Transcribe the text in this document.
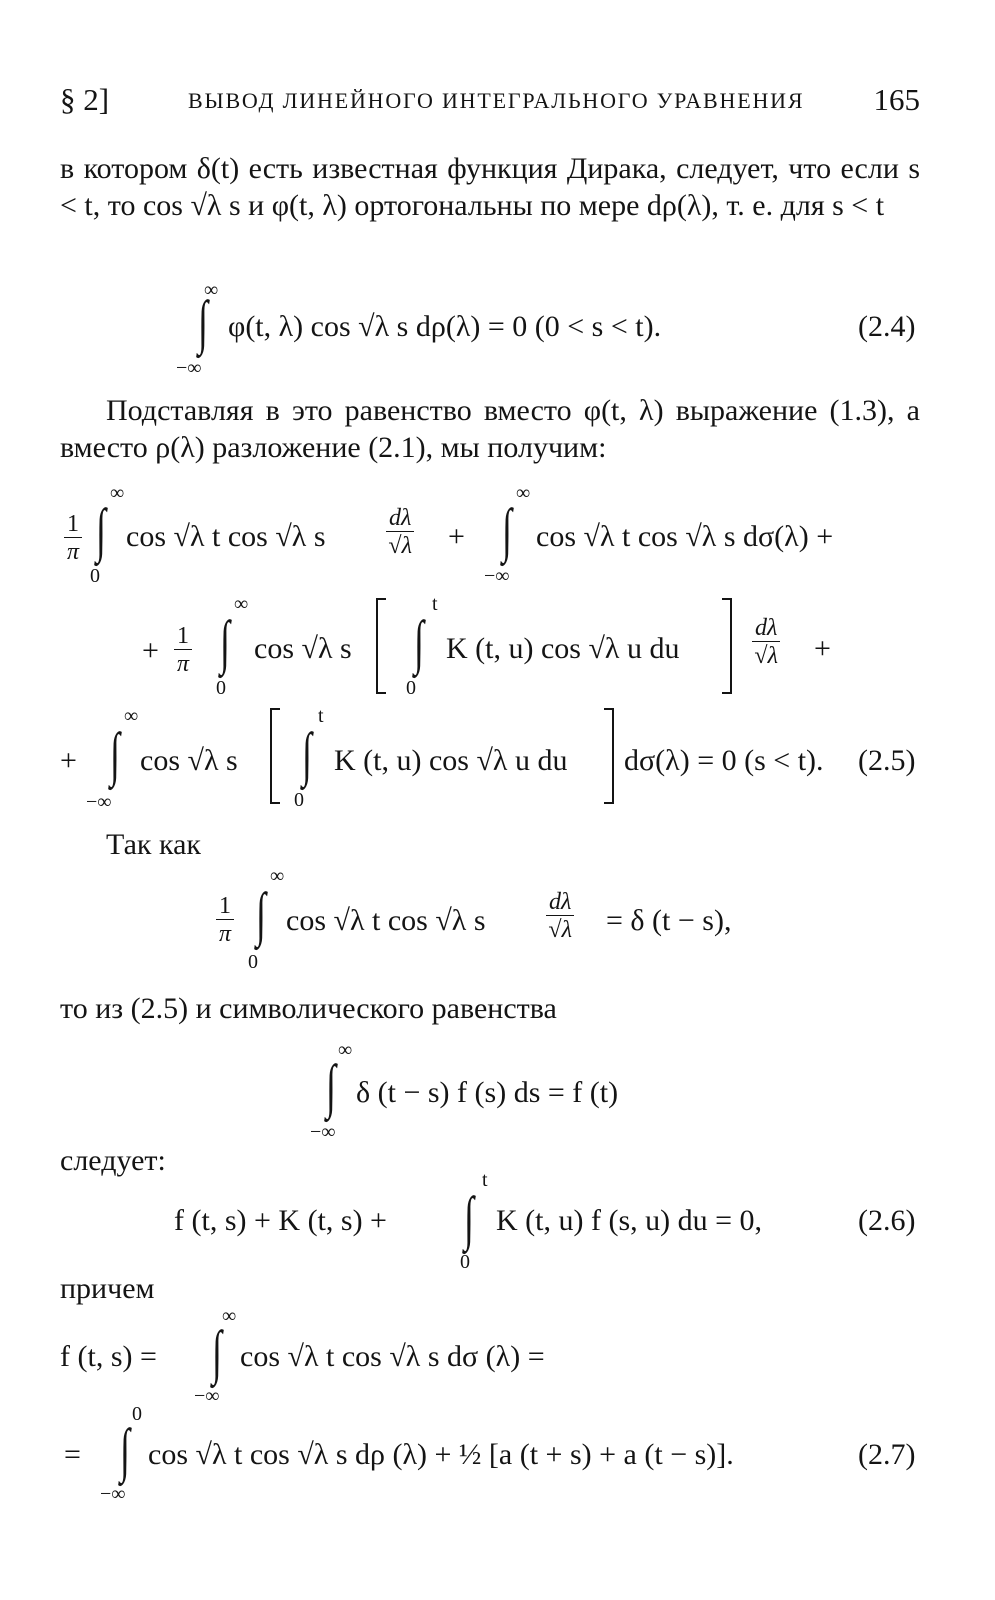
§ 2]	ВЫВОД ЛИНЕЙНОГО ИНТЕГРАЛЬНОГО УРАВНЕНИЯ 165

в котором δ(t) есть известная функция Дирака, следует, что если s < t, то cos √λ s и φ(t, λ) ортогональны по мере dρ(λ), т. е. для s < t

∞
∫
−∞
φ(t, λ) cos √λ s dρ(λ) = 0 (0 < s < t).	(2.4)

Подставляя в это равенство вместо φ(t, λ) выражение (1.3), а вместо ρ(λ) разложение (2.1), мы получим:

$\frac{1}{\pi}$
∞
∫
0
cos √λ t cos √λ s	$\frac{d\lambda}{√\lambda}$ +
∞
∫
−∞
cos √λ t cos √λ s dσ(λ) +
+ $\frac{1}{\pi}$
∞
∫
0
cos √λ s
t
∫
0
K (t, u) cos √λ u du	$\frac{d\lambda}{√\lambda}$ +
+
∞
∫
−∞
cos √λ s
t
∫
0
K (t, u) cos √λ u du dσ(λ) = 0 (s < t). (2.5)

Так как

$\frac{1}{\pi}$
∞
∫
0
cos √λ t cos √λ s	$\frac{d\lambda}{√\lambda} = \delta$ (t − s),

то из (2.5) и символического равенства

∞
∫
−∞
δ (t − s) f (s) ds = f (t)

следует:

f (t, s) + K (t, s) +
t
∫
0
K (t, u) f (s, u) du = 0,	(2.6)

причем

f (t, s) =
∞
∫
−∞
cos √λ t cos √λ s dσ (λ) =
=
0
∫
−∞
cos √λ t cos √λ s dρ (λ) + ½ [a (t + s) + a (t − s)].	(2.7)
